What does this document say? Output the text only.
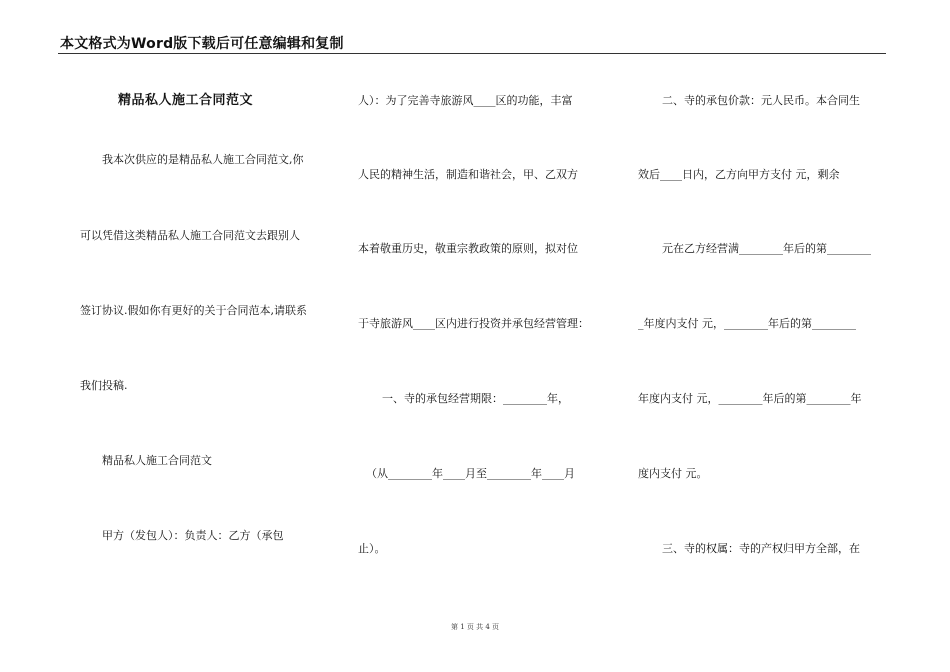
本文格式为Word版下载后可任意编辑和复制
精品私人施工合同范文
我本次供应的是精品私人施工合同范文,你
可以凭借这类精品私人施工合同范文去跟别人
签订协议.假如你有更好的关于合同范本,请联系
我们投稿.
精品私人施工合同范文
甲方（发包人）：负责人：乙方（承包
人）：为了完善寺旅游风____区的功能，丰富
人民的精神生活，制造和谐社会，甲、乙双方
本着敬重历史，敬重宗教政策的原则，拟对位
于寺旅游风____区内进行投资并承包经营管理：
一、寺的承包经营期限：________年，
（从________年____月至________年____月
止）。
二、寺的承包价款：元人民币。本合同生
效后____日内，乙方向甲方支付 元，剩余
元在乙方经营满________年后的第________
_年度内支付 元，________年后的第________
年度内支付 元，________年后的第________年
度内支付 元。
三、寺的权属：寺的产权归甲方全部，在
第 1 页 共 4 页
